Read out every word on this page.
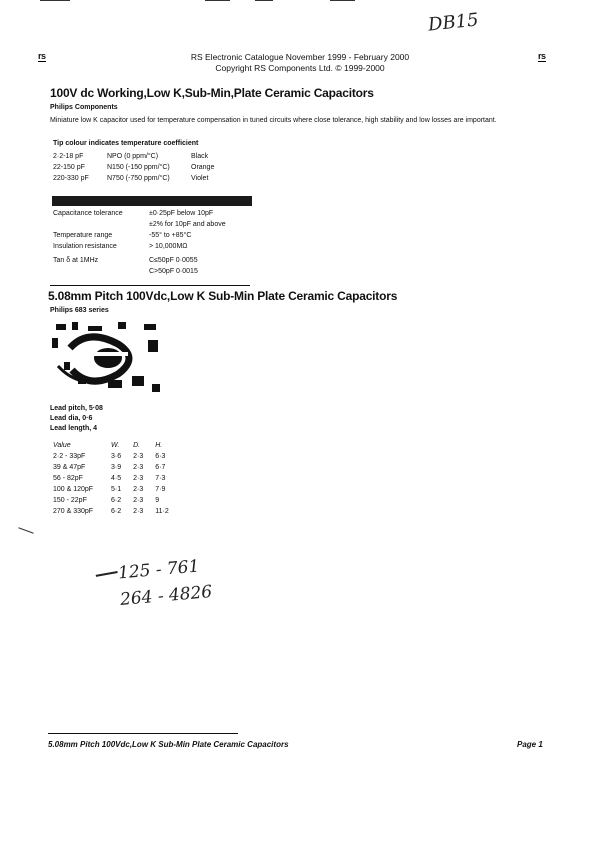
DB15
rs	rs
RS Electronic Catalogue November 1999 - February 2000
Copyright RS Components Ltd. © 1999-2000
100V dc Working,Low K,Sub-Min,Plate Ceramic Capacitors
Philips Components
Miniature low K capacitor used for temperature compensation in tuned circuits where close tolerance, high stability and low losses are important.
Tip colour indicates temperature coefficient
2·2-18 pF	NPO (0 ppm/°C)	Black
22-150 pF	N150 (-150 ppm/°C)	Orange
220-330 pF	N750 (-750 ppm/°C)	Violet
Capacitance tolerance	±0·25pF below 10pF
	±2% for 10pF and above
Temperature range	-55° to +85°C
Insulation resistance	> 10,000MΩ
Tan δ at 1MHz	C≤50pF 0·0055
	C>50pF 0·0015
5.08mm Pitch 100Vdc,Low K Sub-Min Plate Ceramic Capacitors
Philips 683 series
Lead pitch, 5·08
Lead dia, 0·6
Lead length, 4
Value	W.	D.	H.
2·2 - 33pF	3·6	2·3	6·3
39 & 47pF	3·9	2·3	6·7
56 - 82pF	4·5	2·3	7·3
100 & 120pF	5·1	2·3	7·9
150 - 22pF	6·2	2·3	9
270 & 330pF	6·2	2·3	11·2
125 - 761
264 - 4826
5.08mm Pitch 100Vdc,Low K Sub-Min Plate Ceramic Capacitors	Page 1
